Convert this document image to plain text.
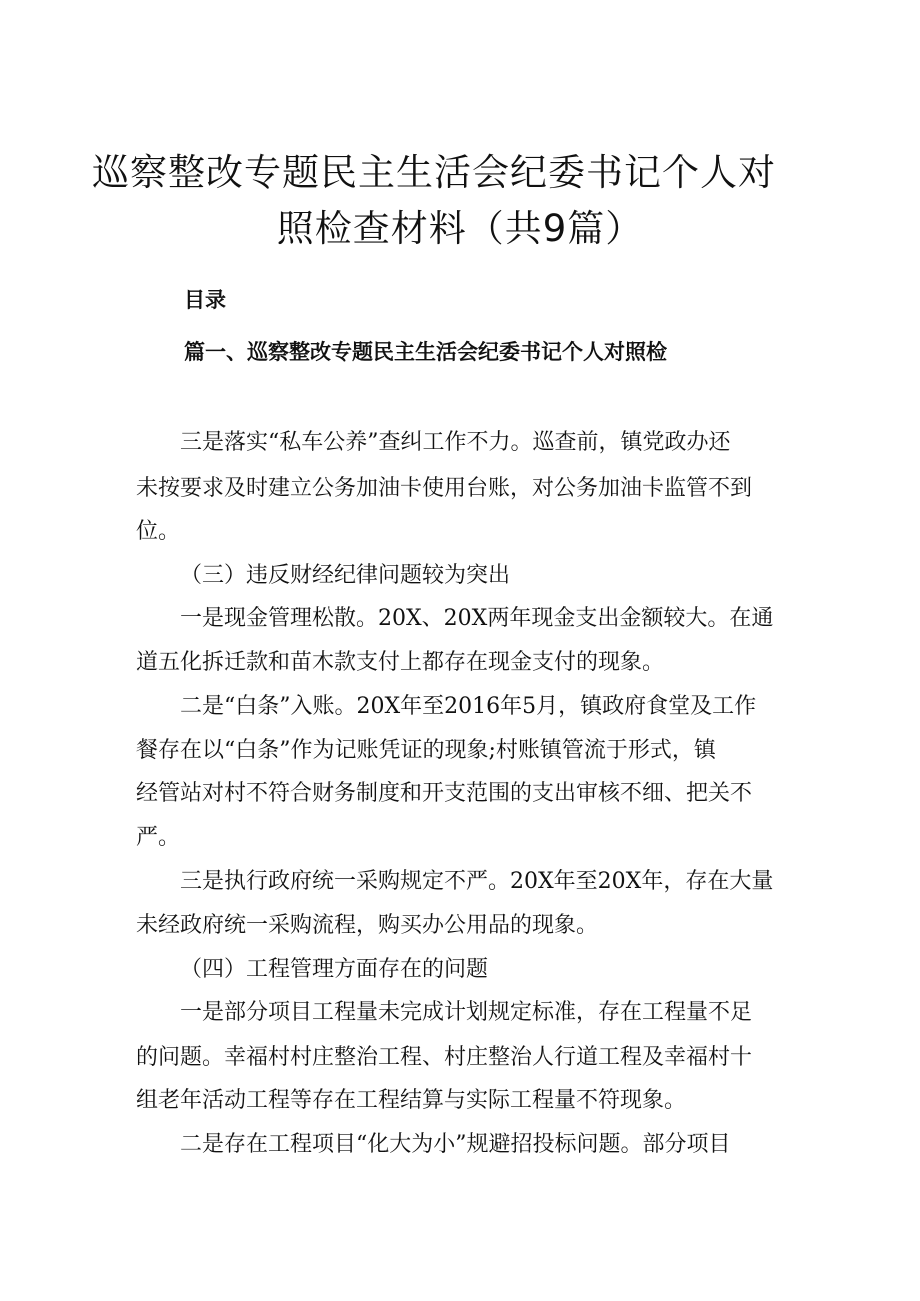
巡察整改专题民主生活会纪委书记个人对
照检查材料（共9篇）
目录
篇一、巡察整改专题民主生活会纪委书记个人对照检
三是落实“私车公养”查纠工作不力。巡查前，镇党政办还
未按要求及时建立公务加油卡使用台账，对公务加油卡监管不到
位。
（三）违反财经纪律问题较为突出
一是现金管理松散。20X、20X两年现金支出金额较大。在通
道五化拆迁款和苗木款支付上都存在现金支付的现象。
二是“白条”入账。20X年至2016年5月，镇政府食堂及工作
餐存在以“白条”作为记账凭证的现象;村账镇管流于形式，镇
经管站对村不符合财务制度和开支范围的支出审核不细、把关不
严。
三是执行政府统一采购规定不严。20X年至20X年，存在大量
未经政府统一采购流程，购买办公用品的现象。
（四）工程管理方面存在的问题
一是部分项目工程量未完成计划规定标准，存在工程量不足
的问题。幸福村村庄整治工程、村庄整治人行道工程及幸福村十
组老年活动工程等存在工程结算与实际工程量不符现象。
二是存在工程项目“化大为小”规避招投标问题。部分项目
